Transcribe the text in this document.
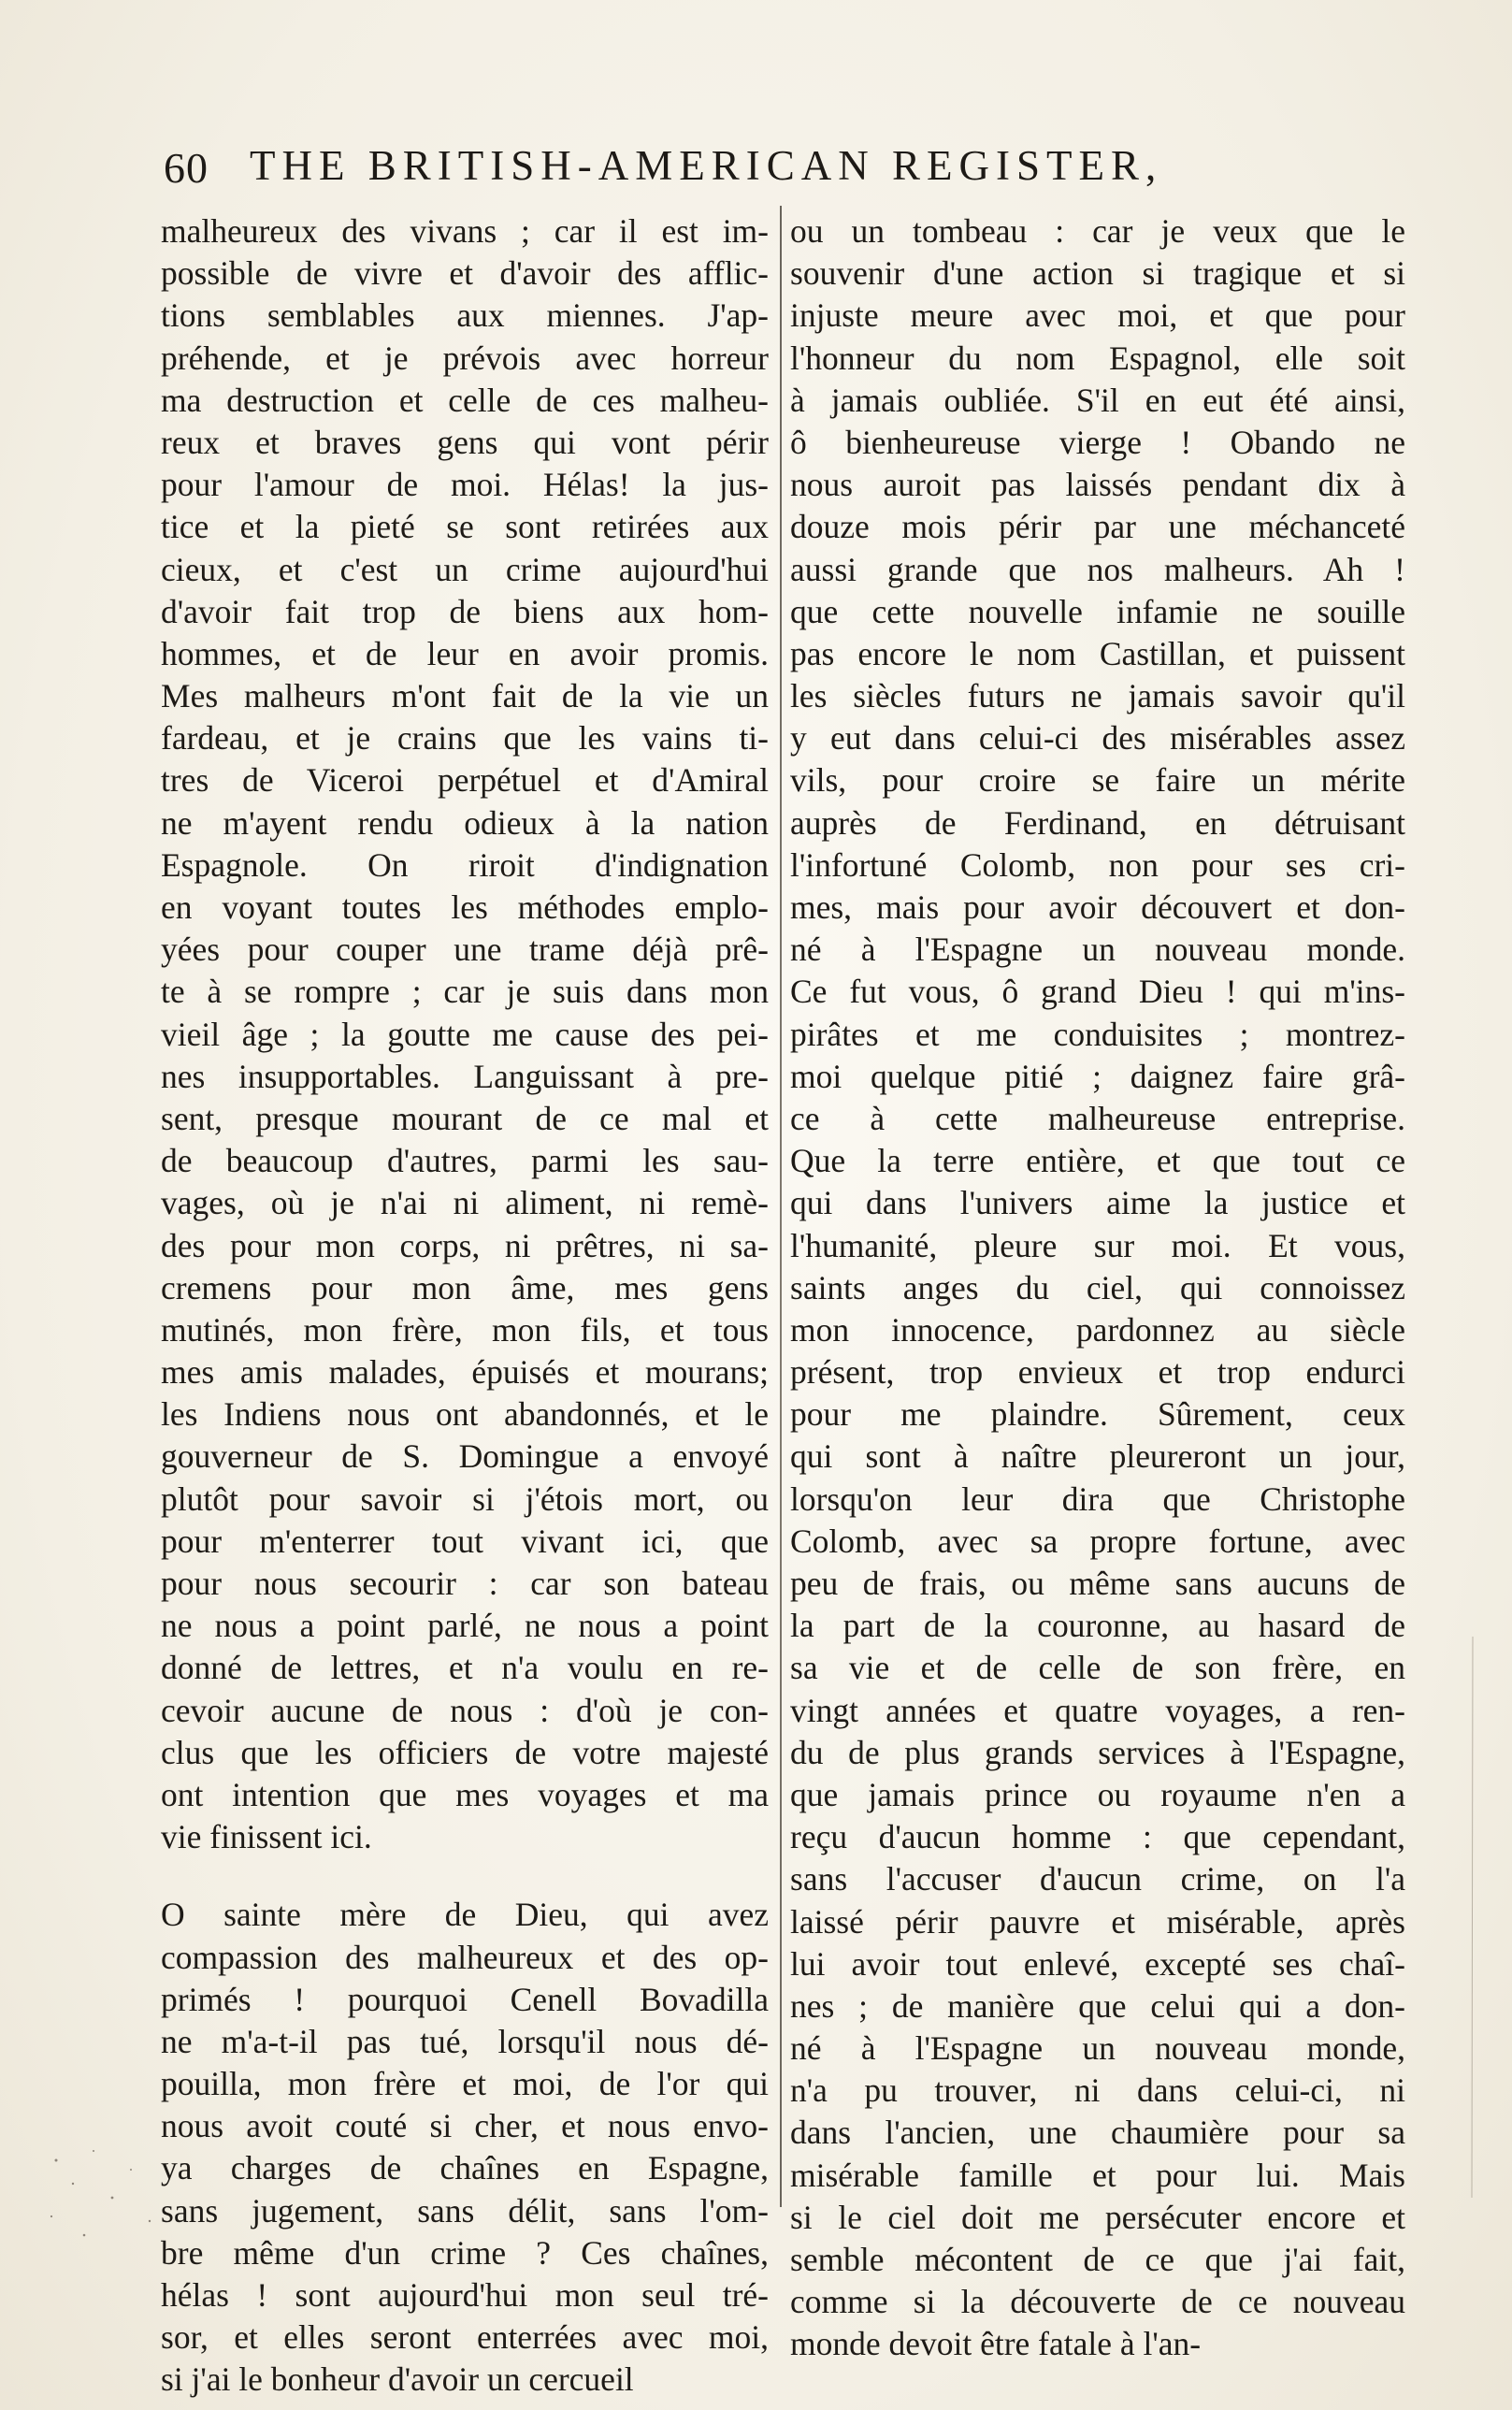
60 THE BRITISH-AMERICAN REGISTER,
malheureux des vivans ; car il est im-
possible de vivre et d'avoir des afflic-
tions semblables aux miennes. J'ap-
préhende, et je prévois avec horreur
ma destruction et celle de ces malheu-
reux et braves gens qui vont périr
pour l'amour de moi. Hélas! la jus-
tice et la pieté se sont retirées aux
cieux, et c'est un crime aujourd'hui
d'avoir fait trop de biens aux hom-
hommes, et de leur en avoir promis.
Mes malheurs m'ont fait de la vie un
fardeau, et je crains que les vains ti-
tres de Viceroi perpétuel et d'Amiral
ne m'ayent rendu odieux à la nation
Espagnole. On riroit d'indignation
en voyant toutes les méthodes emplo-
yées pour couper une trame déjà prê-
te à se rompre ; car je suis dans mon
vieil âge ; la goutte me cause des pei-
nes insupportables. Languissant à pre-
sent, presque mourant de ce mal et
de beaucoup d'autres, parmi les sau-
vages, où je n'ai ni aliment, ni remè-
des pour mon corps, ni prêtres, ni sa-
cremens pour mon âme, mes gens
mutinés, mon frère, mon fils, et tous
mes amis malades, épuisés et mourans;
les Indiens nous ont abandonnés, et le
gouverneur de S. Domingue a envoyé
plutôt pour savoir si j'étois mort, ou
pour m'enterrer tout vivant ici, que
pour nous secourir : car son bateau
ne nous a point parlé, ne nous a point
donné de lettres, et n'a voulu en re-
cevoir aucune de nous : d'où je con-
clus que les officiers de votre majesté
ont intention que mes voyages et ma
vie finissent ici.
O sainte mère de Dieu, qui avez
compassion des malheureux et des op-
primés ! pourquoi Cenell Bovadilla
ne m'a-t-il pas tué, lorsqu'il nous dé-
pouilla, mon frère et moi, de l'or qui
nous avoit couté si cher, et nous envo-
ya charges de chaînes en Espagne,
sans jugement, sans délit, sans l'om-
bre même d'un crime ? Ces chaînes,
hélas ! sont aujourd'hui mon seul tré-
sor, et elles seront enterrées avec moi,
si j'ai le bonheur d'avoir un cercueil
ou un tombeau : car je veux que le
souvenir d'une action si tragique et si
injuste meure avec moi, et que pour
l'honneur du nom Espagnol, elle soit
à jamais oubliée. S'il en eut été ainsi,
ô bienheureuse vierge ! Obando ne
nous auroit pas laissés pendant dix à
douze mois périr par une méchanceté
aussi grande que nos malheurs. Ah !
que cette nouvelle infamie ne souille
pas encore le nom Castillan, et puissent
les siècles futurs ne jamais savoir qu'il
y eut dans celui-ci des misérables assez
vils, pour croire se faire un mérite
auprès de Ferdinand, en détruisant
l'infortuné Colomb, non pour ses cri-
mes, mais pour avoir découvert et don-
né à l'Espagne un nouveau monde.
Ce fut vous, ô grand Dieu ! qui m'ins-
pirâtes et me conduisites ; montrez-
moi quelque pitié ; daignez faire grâ-
ce à cette malheureuse entreprise.
Que la terre entière, et que tout ce
qui dans l'univers aime la justice et
l'humanité, pleure sur moi. Et vous,
saints anges du ciel, qui connoissez
mon innocence, pardonnez au siècle
présent, trop envieux et trop endurci
pour me plaindre. Sûrement, ceux
qui sont à naître pleureront un jour,
lorsqu'on leur dira que Christophe
Colomb, avec sa propre fortune, avec
peu de frais, ou même sans aucuns de
la part de la couronne, au hasard de
sa vie et de celle de son frère, en
vingt années et quatre voyages, a ren-
du de plus grands services à l'Espagne,
que jamais prince ou royaume n'en a
reçu d'aucun homme : que cependant,
sans l'accuser d'aucun crime, on l'a
laissé périr pauvre et misérable, après
lui avoir tout enlevé, excepté ses chaî-
nes ; de manière que celui qui a don-
né à l'Espagne un nouveau monde,
n'a pu trouver, ni dans celui-ci, ni
dans l'ancien, une chaumière pour sa
misérable famille et pour lui. Mais
si le ciel doit me persécuter encore et
semble mécontent de ce que j'ai fait,
comme si la découverte de ce nouveau
monde devoit être fatale à l'an-
